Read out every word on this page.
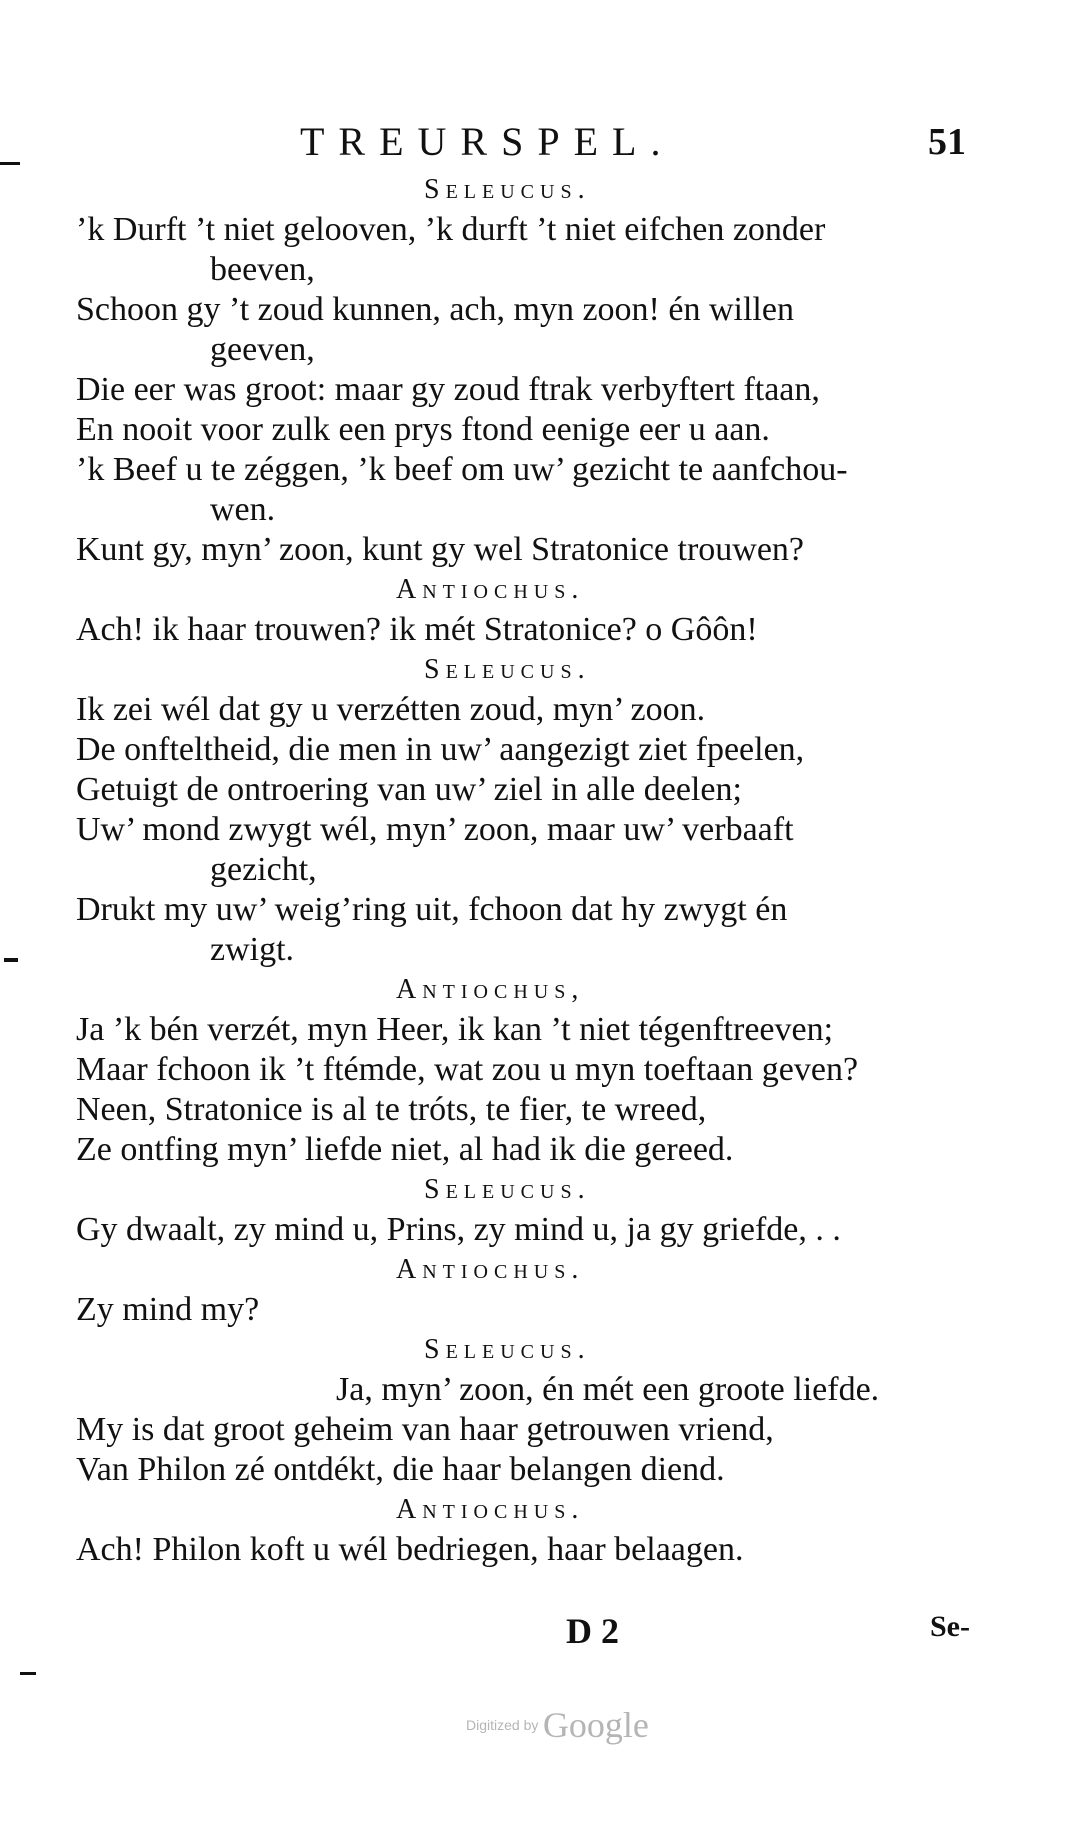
TREURSPEL.	51
Seleucus.
’k Durft ’t niet gelooven, ’k durft ’t niet eifchen zonder
beeven,
Schoon gy ’t zoud kunnen, ach, myn zoon! én willen
geeven,
Die eer was groot: maar gy zoud ftrak verbyftert ftaan,
En nooit voor zulk een prys ftond eenige eer u aan.
’k Beef u te zéggen, ’k beef om uw’ gezicht te aanfchou-
wen.
Kunt gy, myn’ zoon, kunt gy wel Stratonice trouwen?
Antiochus.
Ach! ik haar trouwen? ik mét Stratonice? o Gôôn!
Seleucus.
Ik zei wél dat gy u verzétten zoud, myn’ zoon.
De onfteltheid, die men in uw’ aangezigt ziet fpeelen,
Getuigt de ontroering van uw’ ziel in alle deelen;
Uw’ mond zwygt wél, myn’ zoon, maar uw’ verbaaft
gezicht,
Drukt my uw’ weig’ring uit, fchoon dat hy zwygt én
zwigt.
Antiochus,
Ja ’k bén verzét, myn Heer, ik kan ’t niet tégenftreeven;
Maar fchoon ik ’t ftémde, wat zou u myn toeftaan geven?
Neen, Stratonice is al te tróts, te fier, te wreed,
Ze ontfing myn’ liefde niet, al had ik die gereed.
Seleucus.
Gy dwaalt, zy mind u, Prins, zy mind u, ja gy griefde, . .
Antiochus.
Zy mind my?
Seleucus.
Ja, myn’ zoon, én mét een groote liefde.
My is dat groot geheim van haar getrouwen vriend,
Van Philon zé ontdékt, die haar belangen diend.
Antiochus.
Ach! Philon koft u wél bedriegen, haar belaagen.
D 2	Se-
Digitized by Google
